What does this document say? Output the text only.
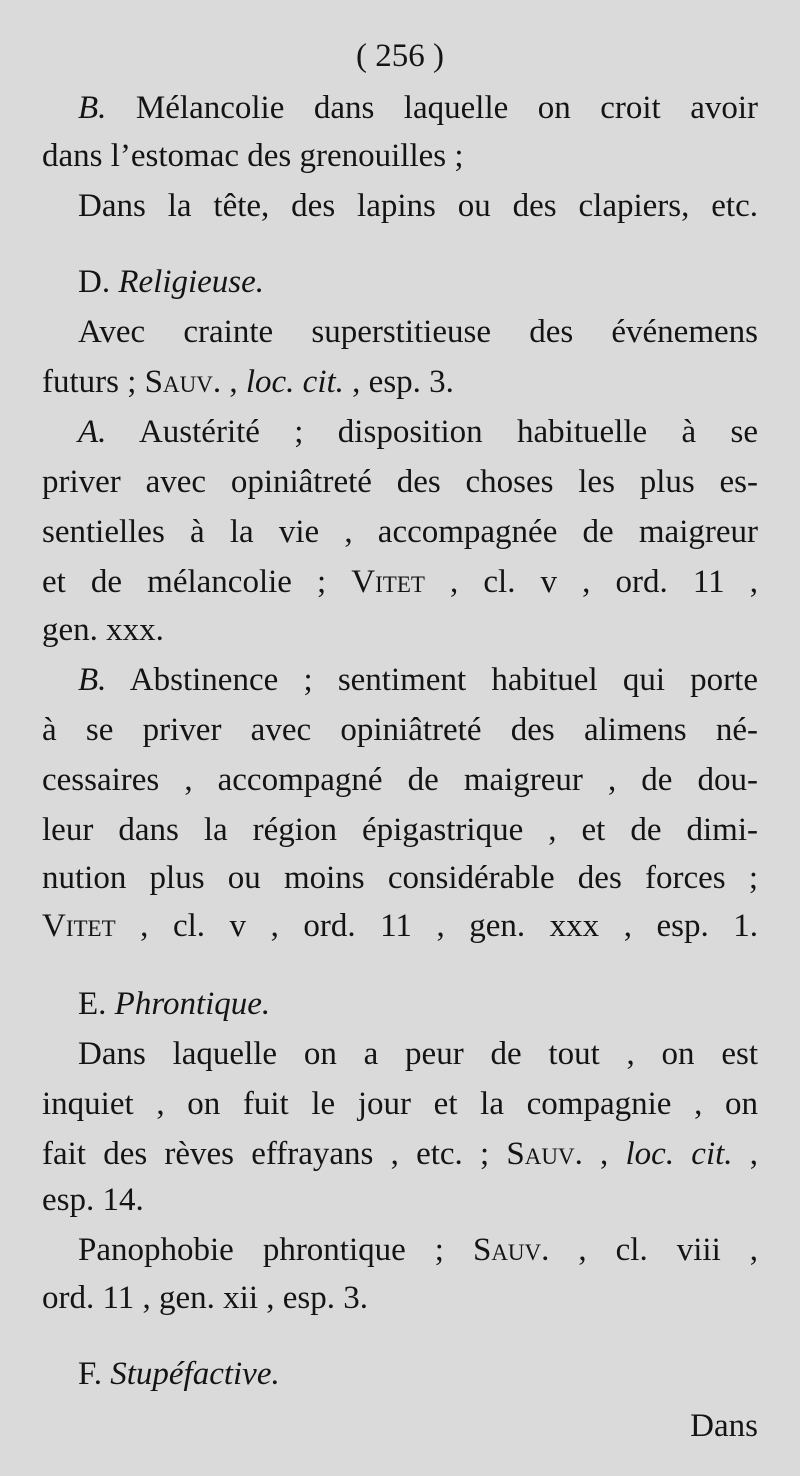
( 256 )
B. Mélancolie dans laquelle on croit avoir
dans l’estomac des grenouilles ;
Dans la tête, des lapins ou des clapiers, etc.
D. Religieuse.
Avec crainte superstitieuse des événemens
futurs ; Sauv. , loc. cit. , esp. 3.
A. Austérité ; disposition habituelle à se
priver avec opiniâtreté des choses les plus es-
sentielles à la vie , accompagnée de maigreur
et de mélancolie ; Vitet , cl. v , ord. 11 ,
gen. xxx.
B. Abstinence ; sentiment habituel qui porte
à se priver avec opiniâtreté des alimens né-
cessaires , accompagné de maigreur , de dou-
leur dans la région épigastrique , et de dimi-
nution plus ou moins considérable des forces ;
Vitet , cl. v , ord. 11 , gen. xxx , esp. 1.
E. Phrontique.
Dans laquelle on a peur de tout , on est
inquiet , on fuit le jour et la compagnie , on
fait des rèves effrayans , etc. ; Sauv. , loc. cit. ,
esp. 14.
Panophobie phrontique ; Sauv. , cl. viii ,
ord. 11 , gen. xii , esp. 3.
F. Stupéfactive.
Dans
